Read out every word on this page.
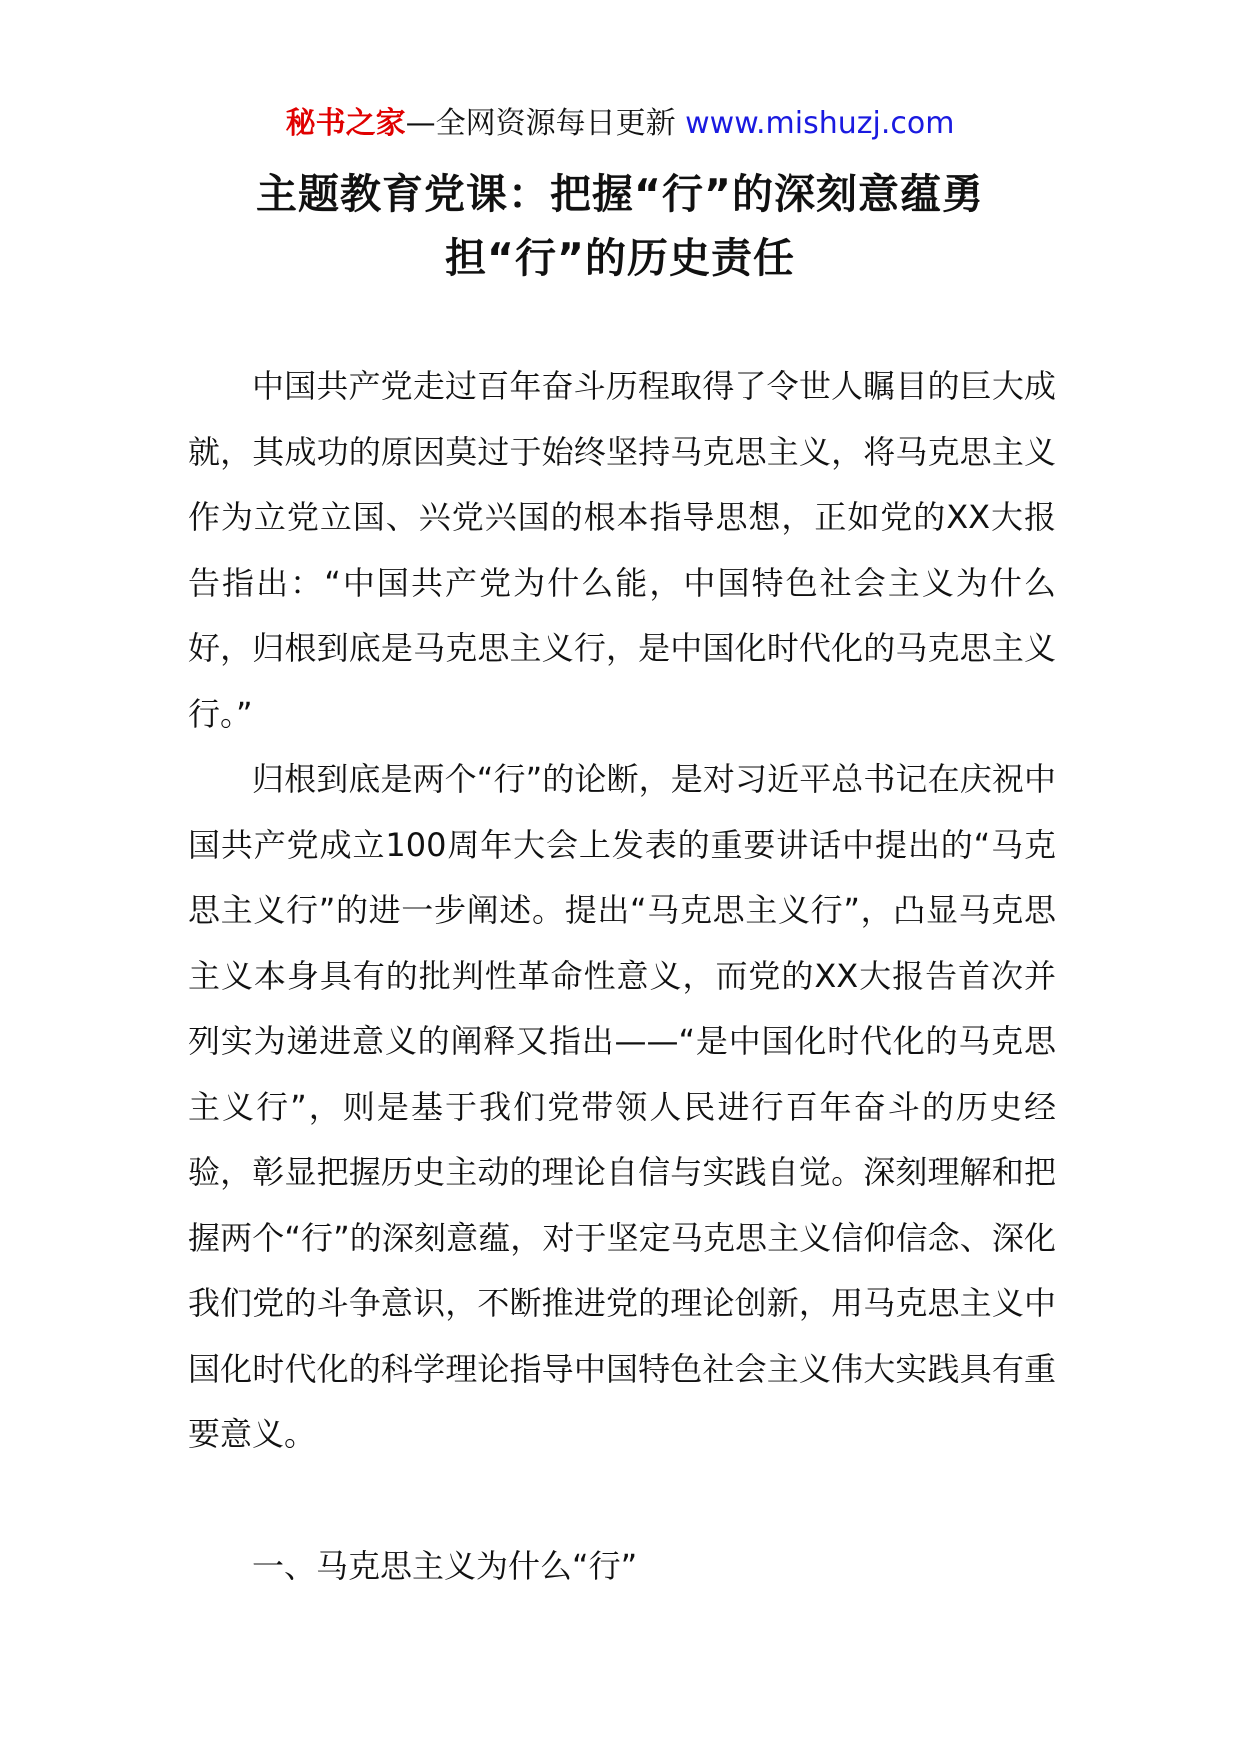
秘书之家—全网资源每日更新 www.mishuzj.com
主题教育党课：把握“行”的深刻意蕴勇
担“行”的历史责任

中国共产党走过百年奋斗历程取得了令世人瞩目的巨大成就，其成功的原因莫过于始终坚持马克思主义，将马克思主义作为立党立国、兴党兴国的根本指导思想，正如党的XX大报告指出：“中国共产党为什么能，中国特色社会主义为什么好，归根到底是马克思主义行，是中国化时代化的马克思主义行。”

归根到底是两个“行”的论断，是对习近平总书记在庆祝中国共产党成立100周年大会上发表的重要讲话中提出的“马克思主义行”的进一步阐述。提出“马克思主义行”，凸显马克思主义本身具有的批判性革命性意义，而党的XX大报告首次并列实为递进意义的阐释又指出——“是中国化时代化的马克思主义行”，则是基于我们党带领人民进行百年奋斗的历史经验，彰显把握历史主动的理论自信与实践自觉。深刻理解和把握两个“行”的深刻意蕴，对于坚定马克思主义信仰信念、深化我们党的斗争意识，不断推进党的理论创新，用马克思主义中国化时代化的科学理论指导中国特色社会主义伟大实践具有重要意义。

一、马克思主义为什么“行”
